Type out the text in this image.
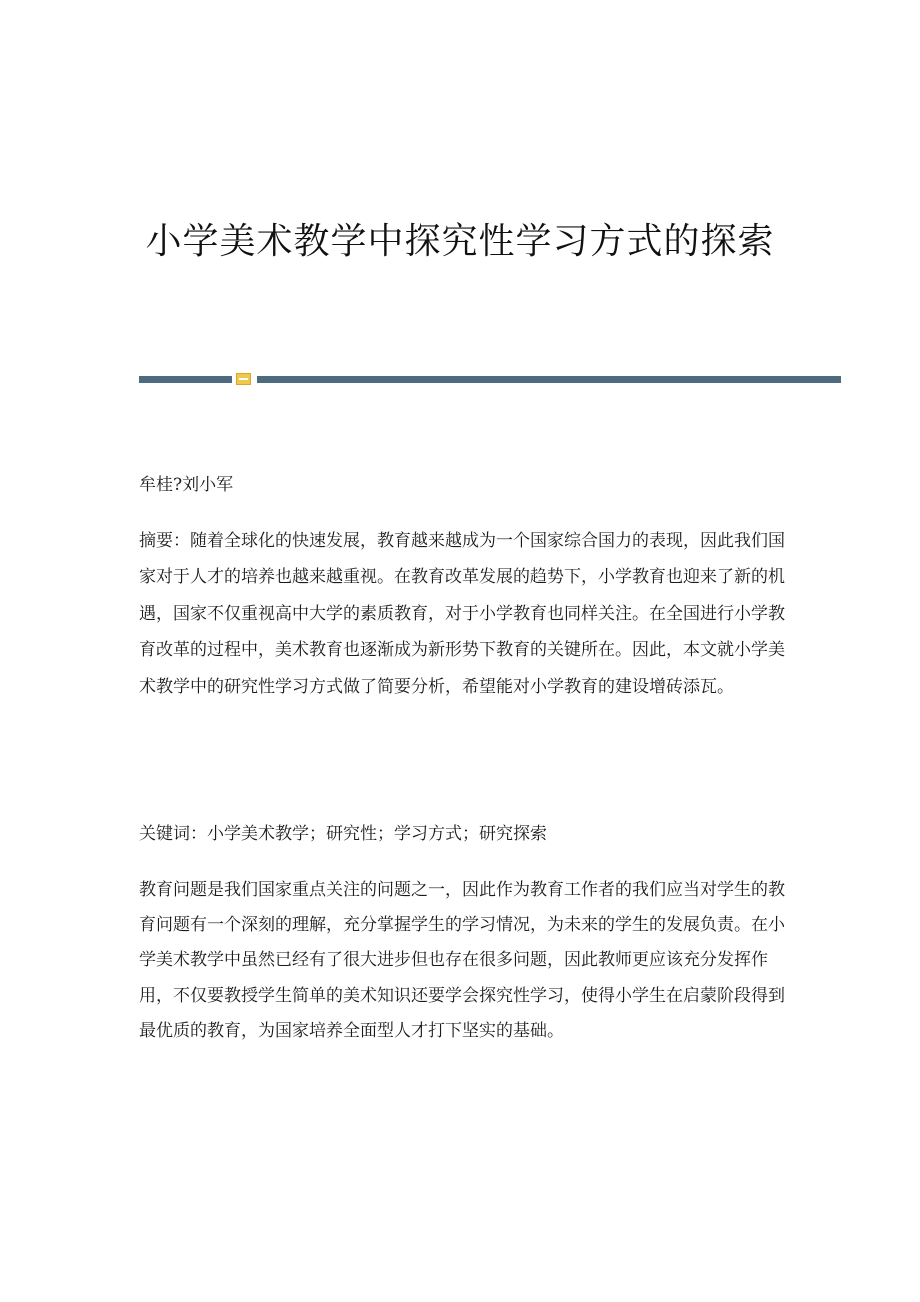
小学美术教学中探究性学习方式的探索
牟桂?刘小军
摘要：随着全球化的快速发展，教育越来越成为一个国家综合国力的表现，因此我们国家对于人才的培养也越来越重视。在教育改革发展的趋势下，小学教育也迎来了新的机遇，国家不仅重视高中大学的素质教育，对于小学教育也同样关注。在全国进行小学教育改革的过程中，美术教育也逐渐成为新形势下教育的关键所在。因此，本文就小学美术教学中的研究性学习方式做了简要分析，希望能对小学教育的建设增砖添瓦。
关键词：小学美术教学；研究性；学习方式；研究探索
教育问题是我们国家重点关注的问题之一，因此作为教育工作者的我们应当对学生的教育问题有一个深刻的理解，充分掌握学生的学习情况，为未来的学生的发展负责。在小学美术教学中虽然已经有了很大进步但也存在很多问题，因此教师更应该充分发挥作用，不仅要教授学生简单的美术知识还要学会探究性学习，使得小学生在启蒙阶段得到最优质的教育，为国家培养全面型人才打下坚实的基础。
